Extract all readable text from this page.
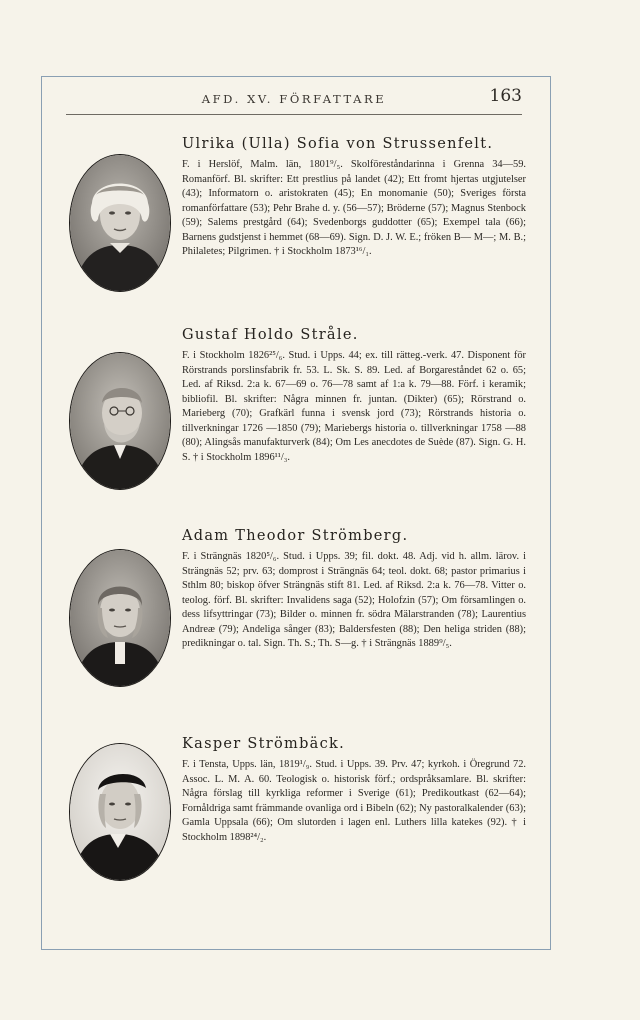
AFD. XV. FÖRFATTARE	163
Ulrika (Ulla) Sofia von Strussenfelt.

F. i Herslöf, Malm. län, 1801⁹/₅. Skolföreståndarinna i Grenna 34—59. Romanförf. Bl. skrifter: Ett prestlius på landet (42); Ett fromt hjertas utgjutelser (43); Informatorn o. aristokraten (45); En monomanie (50); Sveriges första romanförfattare (53); Pehr Brahe d. y. (56—57); Bröderne (57); Magnus Stenbock (59); Salems prestgård (64); Svedenborgs guddotter (65); Exempel tala (66); Barnens gudstjenst i hemmet (68—69). Sign. D. J. W. E.; fröken B— M—; M. B.; Philaletes; Pilgrimen. † i Stockholm 1873¹⁶/₁.

Gustaf Holdo Stråle.

F. i Stockholm 1826²⁵/₆. Stud. i Upps. 44; ex. till rätteg.-verk. 47. Disponent för Rörstrands porslinsfabrik fr. 53. L. Sk. S. 89. Led. af Borgareståndet 62 o. 65; Led. af Riksd. 2:a k. 67—69 o. 76—78 samt af 1:a k. 79—88. Förf. i keramik; bibliofil. Bl. skrifter: Några minnen fr. juntan. (Dikter) (65); Rörstrand o. Marieberg (70); Grafkärl funna i svensk jord (73); Rörstrands historia o. tillverkningar 1726 —1850 (79); Mariebergs historia o. tillverkningar 1758 —88 (80); Alingsås manufakturverk (84); Om Les anecdotes de Suède (87). Sign. G. H. S. † i Stockholm 1896¹¹/₃.

Adam Theodor Strömberg.

F. i Strängnäs 1820⁵/₆. Stud. i Upps. 39; fil. dokt. 48. Adj. vid h. allm. lärov. i Strängnäs 52; prv. 63; domprost i Strängnäs 64; teol. dokt. 68; pastor primarius i Sthlm 80; biskop öfver Strängnäs stift 81. Led. af Riksd. 2:a k. 76—78. Vitter o. teolog. förf. Bl. skrifter: Invalidens saga (52); Holofzin (57); Om församlingen o. dess lifsyttringar (73); Bilder o. minnen fr. södra Mälarstranden (78); Laurentius Andreæ (79); Andeliga sånger (83); Baldersfesten (88); Den heliga striden (88); predikningar o. tal. Sign. Th. S.; Th. S—g. † i Strängnäs 1889⁹/₅.

Kasper Strömbäck.

F. i Tensta, Upps. län, 1819¹/₉. Stud. i Upps. 39. Prv. 47; kyrkoh. i Öregrund 72. Assoc. L. M. A. 60. Teologisk o. historisk förf.; ordspråksamlare. Bl. skrifter: Några förslag till kyrkliga reformer i Sverige (61); Predikoutkast (62—64); Fornåldriga samt främmande ovanliga ord i Bibeln (62); Ny pastoralkalender (63); Gamla Uppsala (66); Om slutorden i lagen enl. Luthers lilla katekes (92). † i Stockholm 1898²⁴/₂.
